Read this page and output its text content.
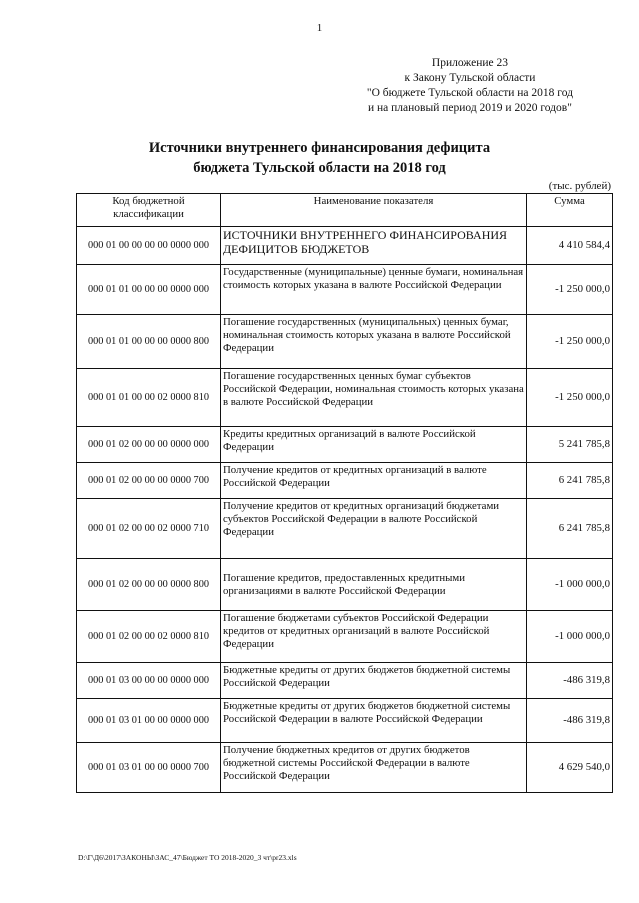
1
Приложение 23
к Закону Тульской области
"О бюджете Тульской области на 2018 год
и на плановый период 2019 и 2020 годов"
Источники внутреннего финансирования дефицита
бюджета Тульской области на 2018 год
(тыс. рублей)
Код бюджетной классификации	Наименование показателя	Сумма
000 01 00 00 00 00 0000 000	ИСТОЧНИКИ ВНУТРЕННЕГО ФИНАНСИРОВАНИЯ ДЕФИЦИТОВ БЮДЖЕТОВ	4 410 584,4
000 01 01 00 00 00 0000 000	Государственные (муниципальные) ценные бумаги, номинальная стоимость которых указана в валюте Российской Федерации	-1 250 000,0
000 01 01 00 00 00 0000 800	Погашение государственных (муниципальных) ценных бумаг, номинальная стоимость которых указана в валюте Российской Федерации	-1 250 000,0
000 01 01 00 00 02 0000 810	Погашение государственных ценных бумаг субъектов Российской Федерации, номинальная стоимость которых указана в валюте Российской Федерации	-1 250 000,0
000 01 02 00 00 00 0000 000	Кредиты кредитных организаций в валюте Российской Федерации	5 241 785,8
000 01 02 00 00 00 0000 700	Получение кредитов от кредитных организаций в валюте Российской Федерации	6 241 785,8
000 01 02 00 00 02 0000 710	Получение кредитов от кредитных организаций бюджетами субъектов Российской Федерации в валюте Российской Федерации	6 241 785,8
000 01 02 00 00 00 0000 800	Погашение кредитов, предоставленных кредитными организациями в валюте Российской Федерации	-1 000 000,0
000 01 02 00 00 02 0000 810	Погашение бюджетами субъектов Российской Федерации кредитов от кредитных организаций в валюте Российской Федерации	-1 000 000,0
000 01 03 00 00 00 0000 000	Бюджетные кредиты от других бюджетов бюджетной системы Российской Федерации	-486 319,8
000 01 03 01 00 00 0000 000	Бюджетные кредиты от других бюджетов бюджетной системы Российской Федерации в валюте Российской Федерации	-486 319,8
000 01 03 01 00 00 0000 700	Получение бюджетных кредитов от других бюджетов бюджетной системы Российской Федерации в валюте Российской Федерации	4 629 540,0
D:\Г\Д6\2017\ЗАКОНЫ\ЗАС_47\Бюджет ТО 2018-2020_3 чт\pr23.xls
